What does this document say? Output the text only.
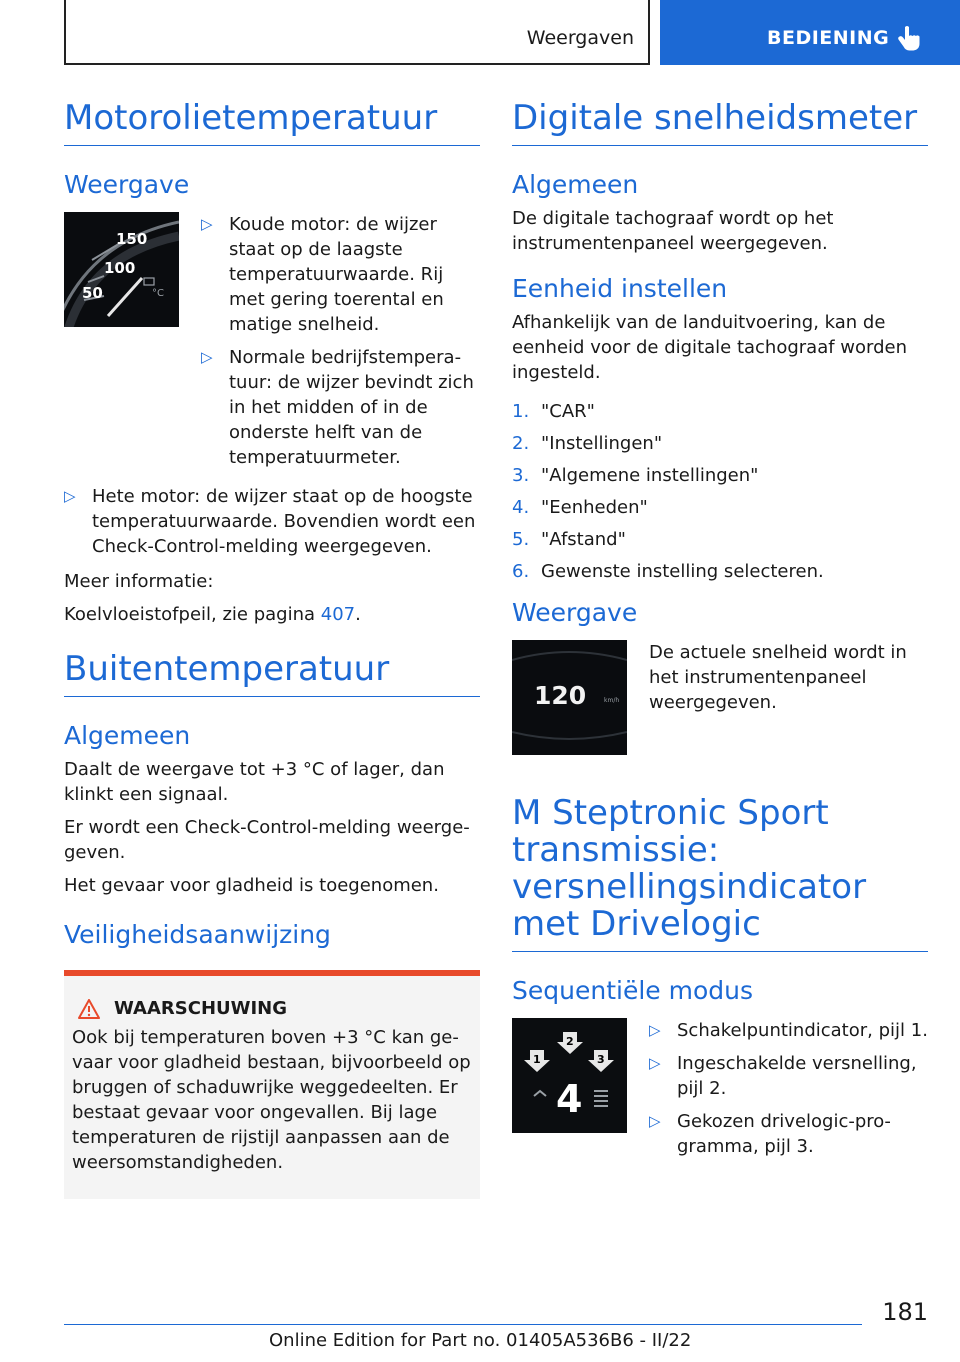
Weergaven	BEDIENING
Motorolietemperatuur
Weergave
150
100
50	°C
▷ Koude motor: de wijzer staat op de laagste temperatuurwaarde. Rij met gering toerental en matige snelheid.
▷ Normale bedrijfstemperatuur: de wijzer bevindt zich in het midden of in de onderste helft van de temperatuurmeter.
▷ Hete motor: de wijzer staat op de hoogste temperatuurwaarde. Bovendien wordt een Check-Control-melding weergegeven.
Meer informatie:
Koelvloeistofpeil, zie pagina 407.
Buitentemperatuur
Algemeen
Daalt de weergave tot +3 °C of lager, dan klinkt een signaal.
Er wordt een Check-Control-melding weergegeven.
Het gevaar voor gladheid is toegenomen.
Veiligheidsaanwijzing
WAARSCHUWING

Ook bij temperaturen boven +3 °C kan gevaar voor gladheid bestaan, bijvoorbeeld op bruggen of schaduwrijke weggedeelten. Er bestaat gevaar voor ongevallen. Bij lage temperaturen de rijstijl aanpassen aan de weersomstandigheden.

Digitale snelheidsmeter
Algemeen
De digitale tachograaf wordt op het instrumentenpaneel weergegeven.
Eenheid instellen
Afhankelijk van de landuitvoering, kan de eenheid voor de digitale tachograaf worden ingesteld.
1. "CAR"
2. "Instellingen"
3. "Algemene instellingen"
4. "Eenheden"
5. "Afstand"
6. Gewenste instelling selecteren.
Weergave
120	km/h
De actuele snelheid wordt in het instrumentenpaneel weergegeven.
M Steptronic Sport transmissie: versnellingsindicator met Drivelogic
Sequentiële modus
1
2
3
4
▷ Schakelpuntindicator, pijl 1.
▷ Ingeschakelde versnelling, pijl 2.
▷ Gekozen drivelogic-programma, pijl 3.
181
Online Edition for Part no. 01405A536B6 - II/22
